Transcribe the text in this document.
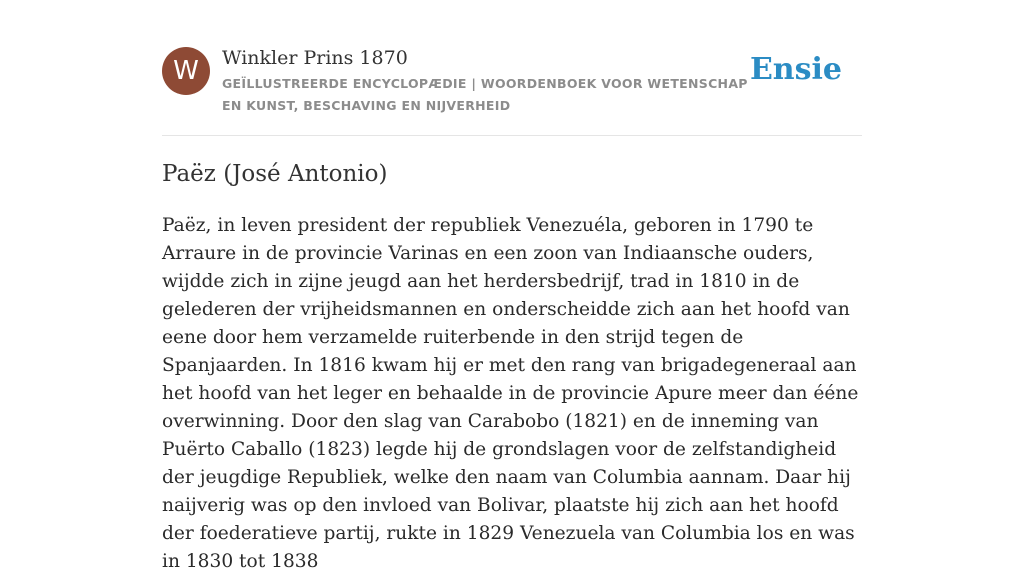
W	Winkler Prins 1870
GEÏLLUSTREERDE ENCYCLOPÆDIE | WOORDENBOEK VOOR WETENSCHAP EN KUNST, BESCHAVING EN NIJVERHEID
Ensie
Paëz (José Antonio)

Paëz, in leven president der republiek Venezuéla, geboren in 1790 te Arraure in de provincie Varinas en een zoon van Indiaansche ouders, wijdde zich in zijne jeugd aan het herdersbedrijf, trad in 1810 in de gelederen der vrijheidsmannen en onderscheidde zich aan het hoofd van eene door hem verzamelde ruiterbende in den strijd tegen de Spanjaarden. In 1816 kwam hij er met den rang van brigadegeneraal aan het hoofd van het leger en behaalde in de provincie Apure meer dan ééne overwinning. Door den slag van Carabobo (1821) en de inneming van Puërto Caballo (1823) legde hij de grondslagen voor de zelfstandigheid der jeugdige Republiek, welke den naam van Columbia aannam. Daar hij naijverig was op den invloed van Bolivar, plaatste hij zich aan het hoofd der foederatieve partij, rukte in 1829 Venezuela van Columbia los en was in 1830 tot 1838
